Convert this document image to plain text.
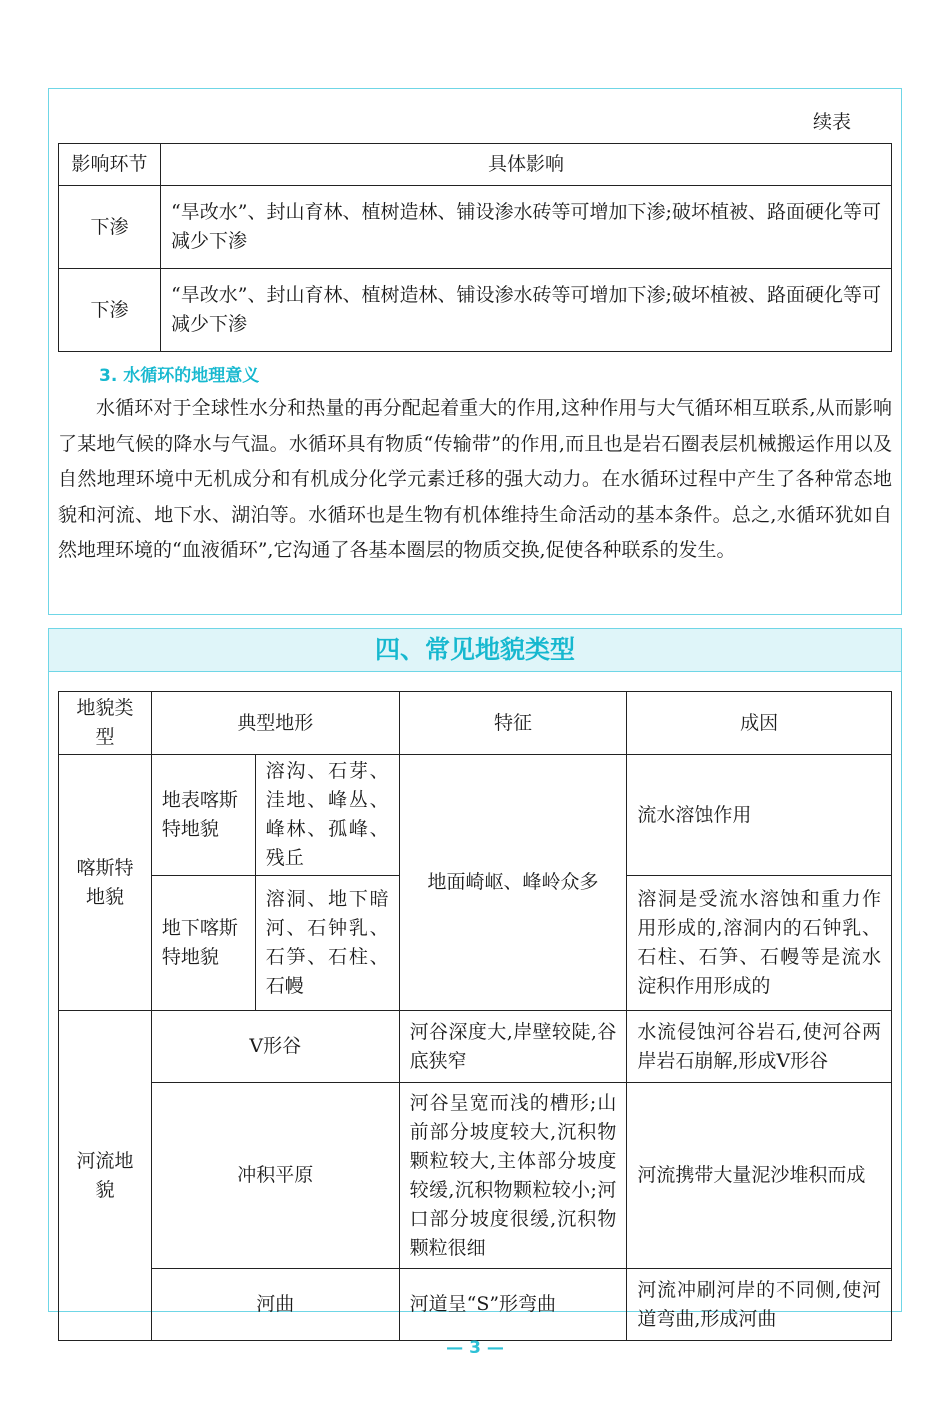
续表
影响环节	具体影响
下渗	“旱改水”、封山育林、植树造林、铺设渗水砖等可增加下渗;破坏植被、路面硬化等可减少下渗
下渗	“旱改水”、封山育林、植树造林、铺设渗水砖等可增加下渗;破坏植被、路面硬化等可减少下渗
3. 水循环的地理意义

水循环对于全球性水分和热量的再分配起着重大的作用,这种作用与大气循环相互联系,从而影响了某地气候的降水与气温。水循环具有物质“传输带”的作用,而且也是岩石圈表层机械搬运作用以及自然地理环境中无机成分和有机成分化学元素迁移的强大动力。在水循环过程中产生了各种常态地貌和河流、地下水、湖泊等。水循环也是生物有机体维持生命活动的基本条件。总之,水循环犹如自然地理环境的“血液循环”,它沟通了各基本圈层的物质交换,促使各种联系的发生。

四、常见地貌类型
地貌类型	典型地形		特征	成因
喀斯特地貌	地表喀斯特地貌	溶沟、石芽、洼地、峰丛、峰林、孤峰、残丘	地面崎岖、峰岭众多	流水溶蚀作用
	地下喀斯特地貌	溶洞、地下暗河、石钟乳、石笋、石柱、石幔		溶洞是受流水溶蚀和重力作用形成的,溶洞内的石钟乳、石柱、石笋、石幔等是流水淀积作用形成的
河流地貌	V形谷		河谷深度大,岸壁较陡,谷底狭窄	水流侵蚀河谷岩石,使河谷两岸岩石崩解,形成V形谷
	冲积平原		河谷呈宽而浅的槽形;山前部分坡度较大,沉积物颗粒较大,主体部分坡度较缓,沉积物颗粒较小;河口部分坡度很缓,沉积物颗粒很细	河流携带大量泥沙堆积而成
	河曲		河道呈“S”形弯曲	河流冲刷河岸的不同侧,使河道弯曲,形成河曲
— 3 —
